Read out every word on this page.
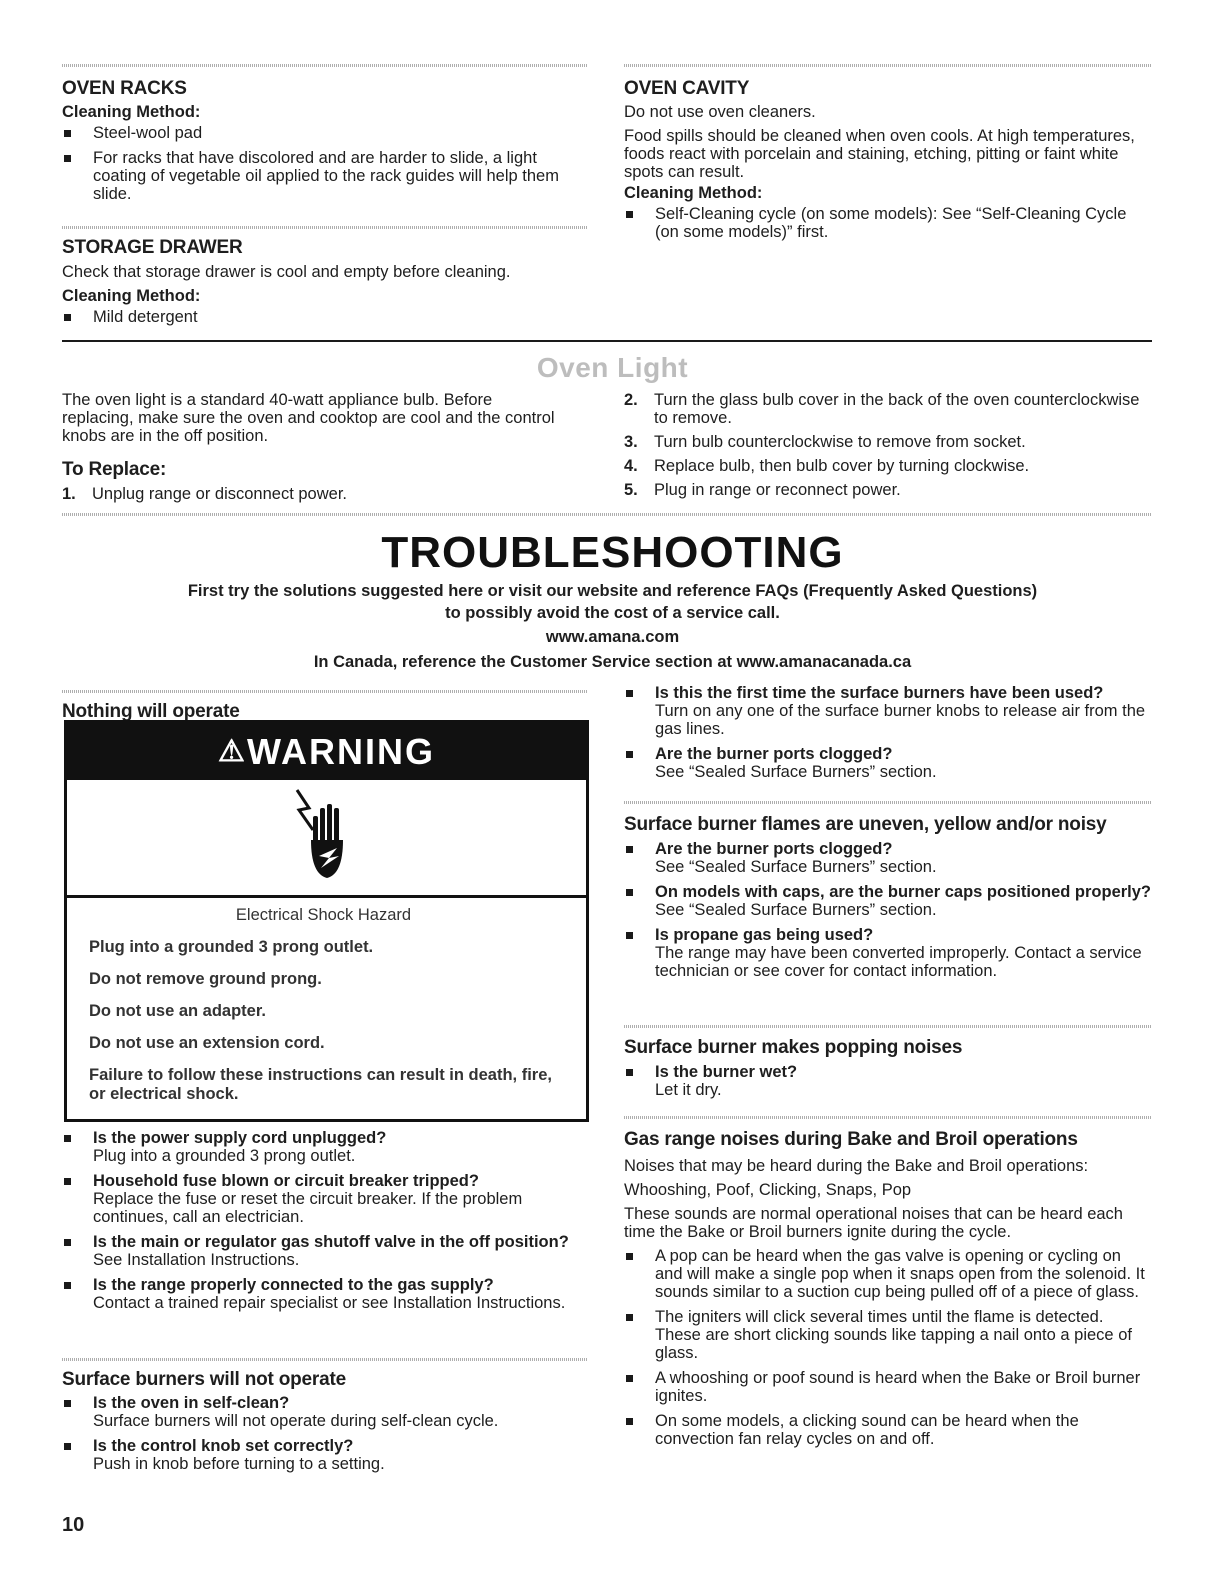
OVEN RACKS
Cleaning Method:
Steel-wool pad
For racks that have discolored and are harder to slide, a light coating of vegetable oil applied to the rack guides will help them slide.
STORAGE DRAWER

Check that storage drawer is cool and empty before cleaning.

Cleaning Method:
Mild detergent
OVEN CAVITY

Do not use oven cleaners.

Food spills should be cleaned when oven cools. At high temperatures, foods react with porcelain and staining, etching, pitting or faint white spots can result.

Cleaning Method:
Self-Cleaning cycle (on some models): See “Self-Cleaning Cycle (on some models)” first.
Oven Light

The oven light is a standard 40-watt appliance bulb. Before replacing, make sure the oven and cooktop are cool and the control knobs are in the off position.

To Replace:
1. Unplug range or disconnect power.
2. Turn the glass bulb cover in the back of the oven counterclockwise to remove.
3. Turn bulb counterclockwise to remove from socket.
4. Replace bulb, then bulb cover by turning clockwise.
5. Plug in range or reconnect power.
TROUBLESHOOTING
First try the solutions suggested here or visit our website and reference FAQs (Frequently Asked Questions)
to possibly avoid the cost of a service call.
www.amana.com
In Canada, reference the Customer Service section at www.amanacanada.ca
Nothing will operate
⚠WARNING
Electrical Shock Hazard
Plug into a grounded 3 prong outlet.
Do not remove ground prong.
Do not use an adapter.
Do not use an extension cord.
Failure to follow these instructions can result in death, fire, or electrical shock.
Is the power supply cord unplugged?
Plug into a grounded 3 prong outlet.
Household fuse blown or circuit breaker tripped?
Replace the fuse or reset the circuit breaker. If the problem continues, call an electrician.
Is the main or regulator gas shutoff valve in the off position?
See Installation Instructions.
Is the range properly connected to the gas supply?
Contact a trained repair specialist or see Installation Instructions.
Surface burners will not operate
Is the oven in self-clean?
Surface burners will not operate during self-clean cycle.
Is the control knob set correctly?
Push in knob before turning to a setting.
Is this the first time the surface burners have been used?
Turn on any one of the surface burner knobs to release air from the gas lines.
Are the burner ports clogged?
See “Sealed Surface Burners” section.
Surface burner flames are uneven, yellow and/or noisy
Are the burner ports clogged?
See “Sealed Surface Burners” section.
On models with caps, are the burner caps positioned properly?
See “Sealed Surface Burners” section.
Is propane gas being used?
The range may have been converted improperly. Contact a service technician or see cover for contact information.
Surface burner makes popping noises
Is the burner wet?
Let it dry.
Gas range noises during Bake and Broil operations

Noises that may be heard during the Bake and Broil operations:

Whooshing, Poof, Clicking, Snaps, Pop

These sounds are normal operational noises that can be heard each time the Bake or Broil burners ignite during the cycle.

A pop can be heard when the gas valve is opening or cycling on and will make a single pop when it snaps open from the solenoid. It sounds similar to a suction cup being pulled off of a piece of glass.
The igniters will click several times until the flame is detected. These are short clicking sounds like tapping a nail onto a piece of glass.
A whooshing or poof sound is heard when the Bake or Broil burner ignites.
On some models, a clicking sound can be heard when the convection fan relay cycles on and off.
10
